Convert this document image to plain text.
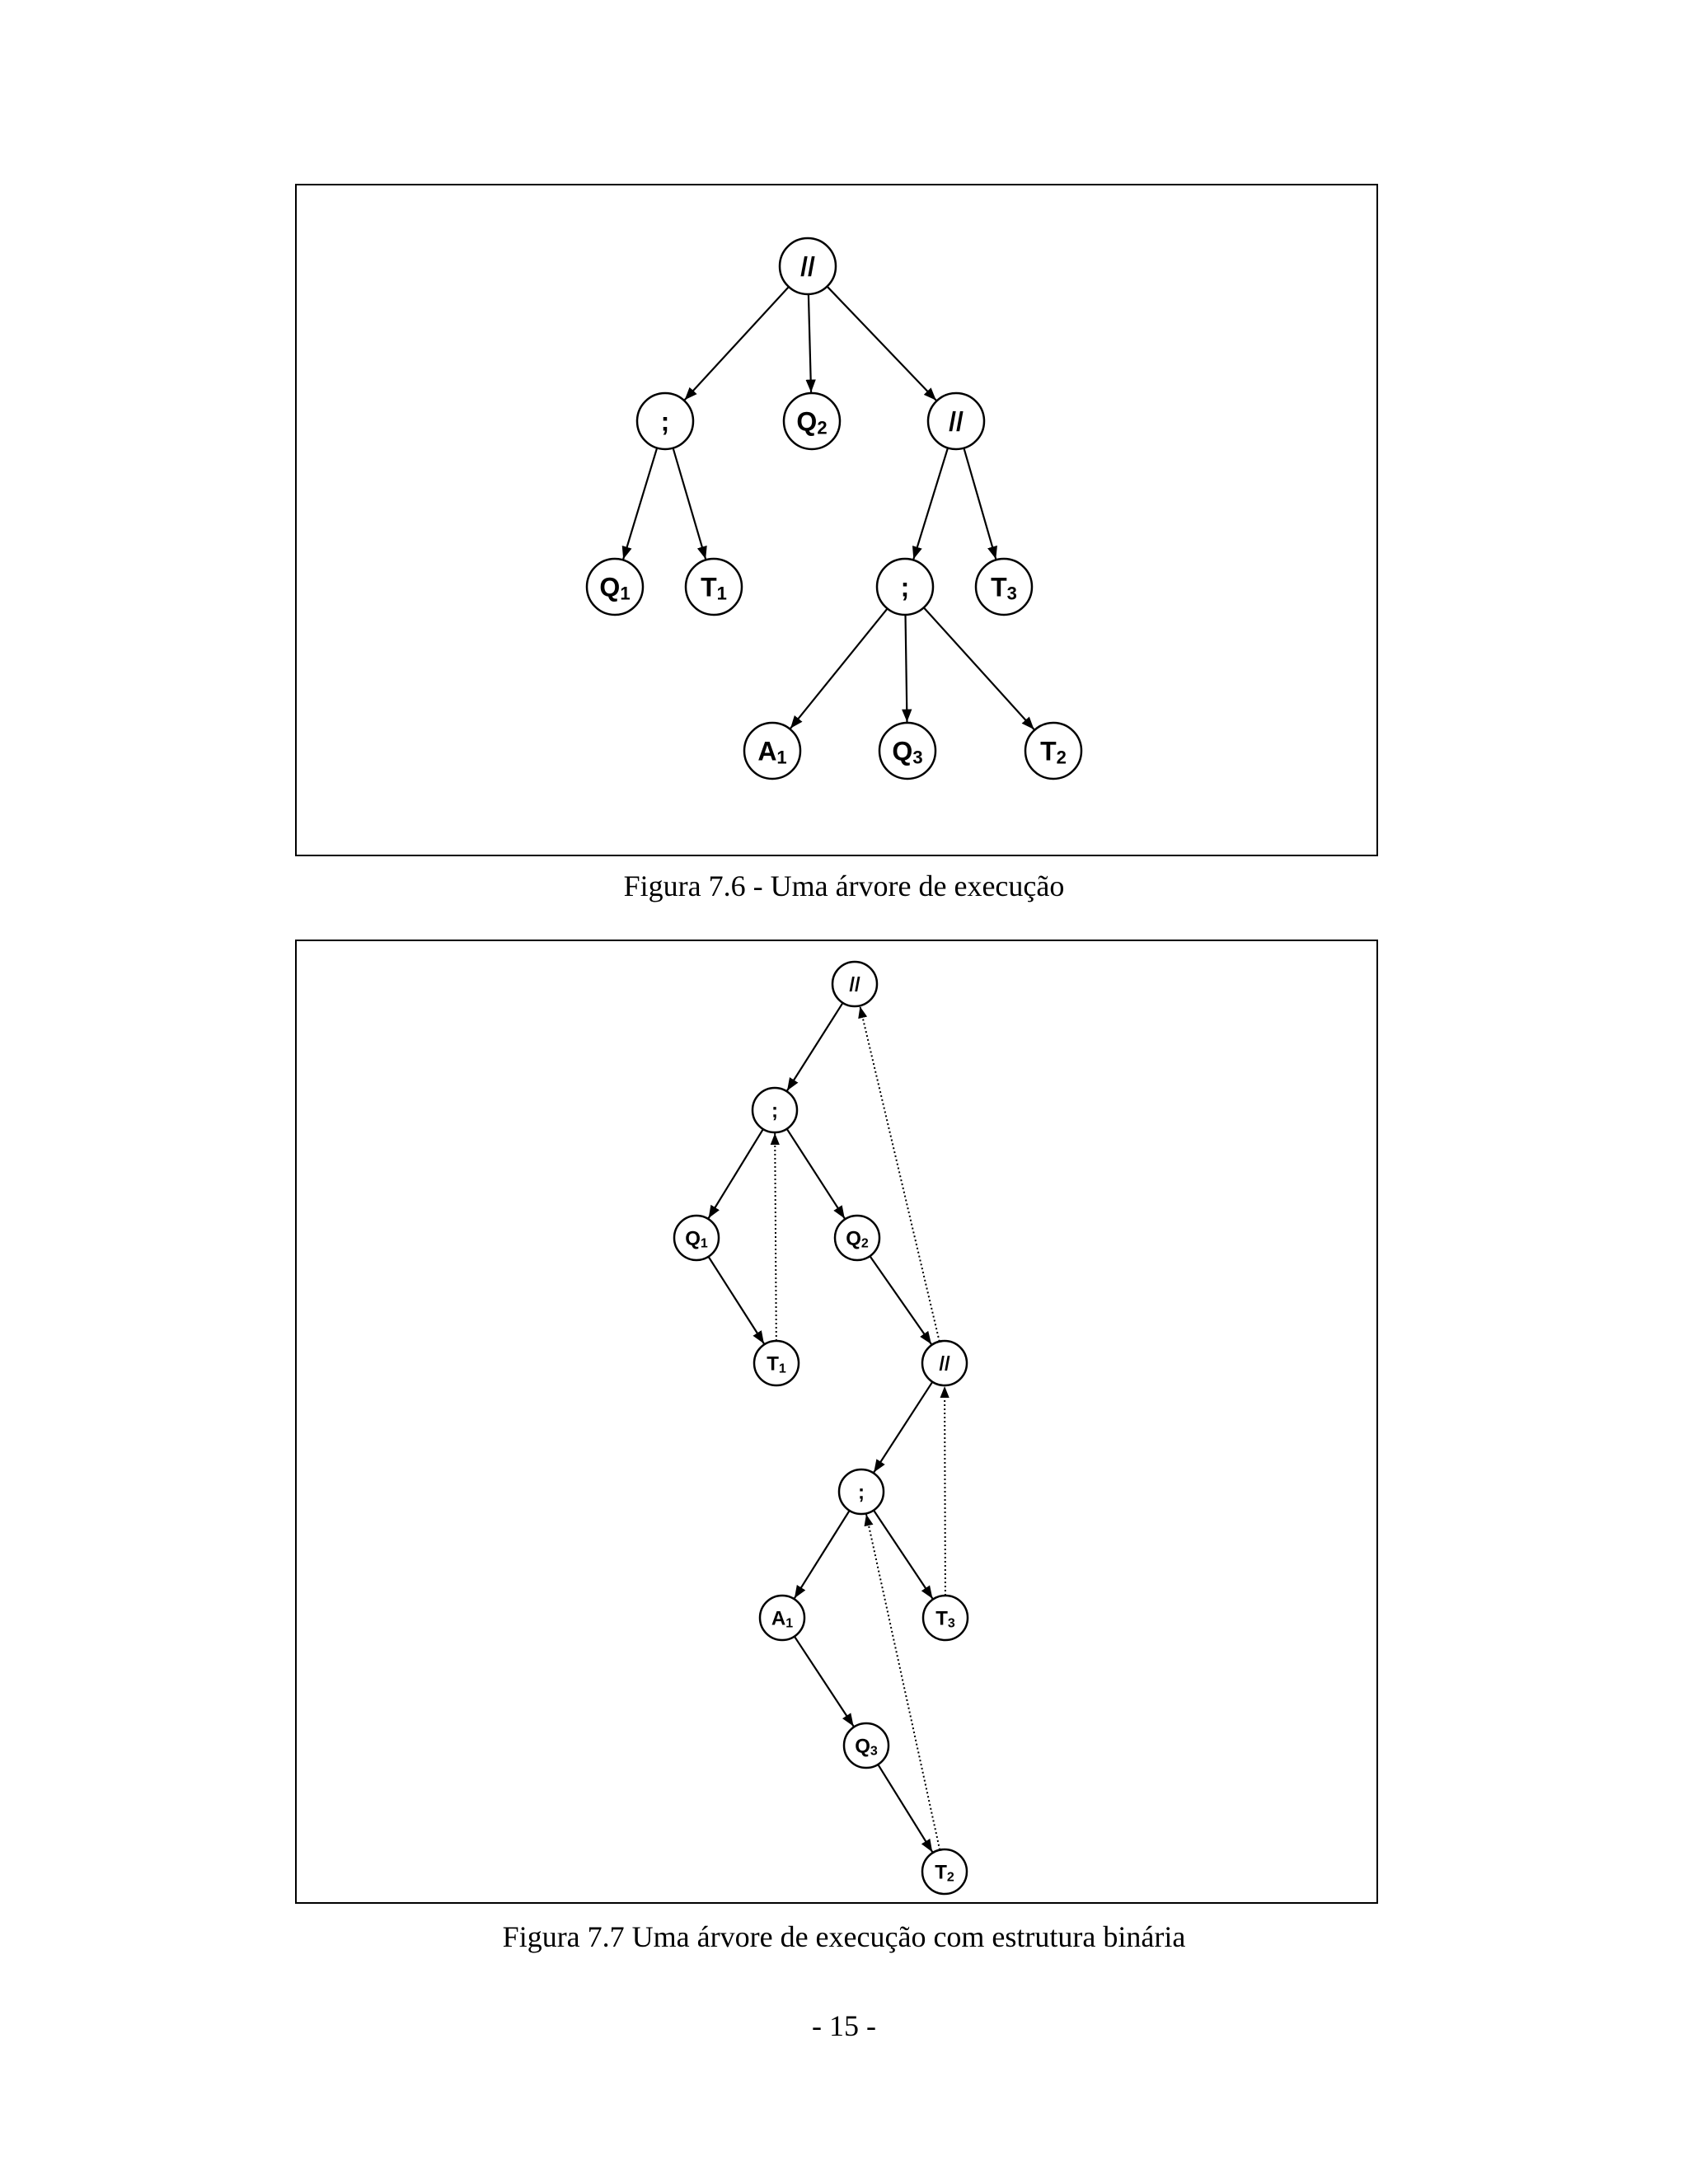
//
;	Q2	//
Q1	T1	;	T3
A1	Q3	T2
Figura 7.6 - Uma árvore de execução
//
;
Q1	Q2
T1	//
;
A1	T3
Q3
T2
Figura 7.7 Uma árvore de execução com estrutura binária
- 15 -
